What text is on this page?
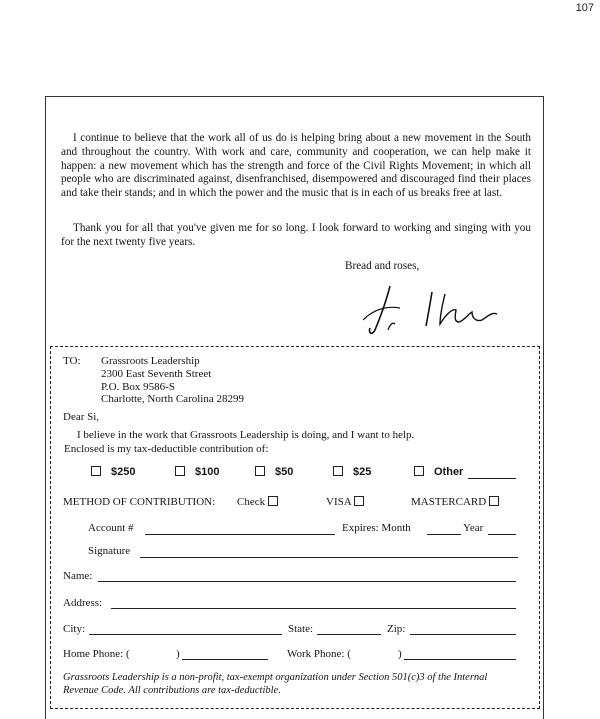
107

I continue to believe that the work all of us do is helping bring about a new movement in the South and throughout the country. With work and care, community and cooperation, we can help make it happen: a new movement which has the strength and force of the Civil Rights Movement; in which all people who are discriminated against, disenfranchised, disempowered and discouraged find their places and take their stands; and in which the power and the music that is in each of us breaks free at last.

Thank you for all that you've given me for so long. I look forward to working and singing with you for the next twenty five years.

Bread and roses,
TO: Grassroots Leadership
2300 East Seventh Street
P.O. Box 9586-S
Charlotte, North Carolina 28299
Dear Si,
I believe in the work that Grassroots Leadership is doing, and I want to help.
Enclosed is my tax-deductible contribution of:
$250	$100	$50	$25	Other
METHOD OF CONTRIBUTION: Check	VISA	MASTERCARD
Account #	Expires: Month	Year
Signature
Name:
Address:
City:	State:	Zip:
Home Phone: (	)	Work Phone: (	)
Grassroots Leadership is a non-profit, tax-exempt organization under Section 501(c)3 of the Internal Revenue Code. All contributions are tax-deductible.
